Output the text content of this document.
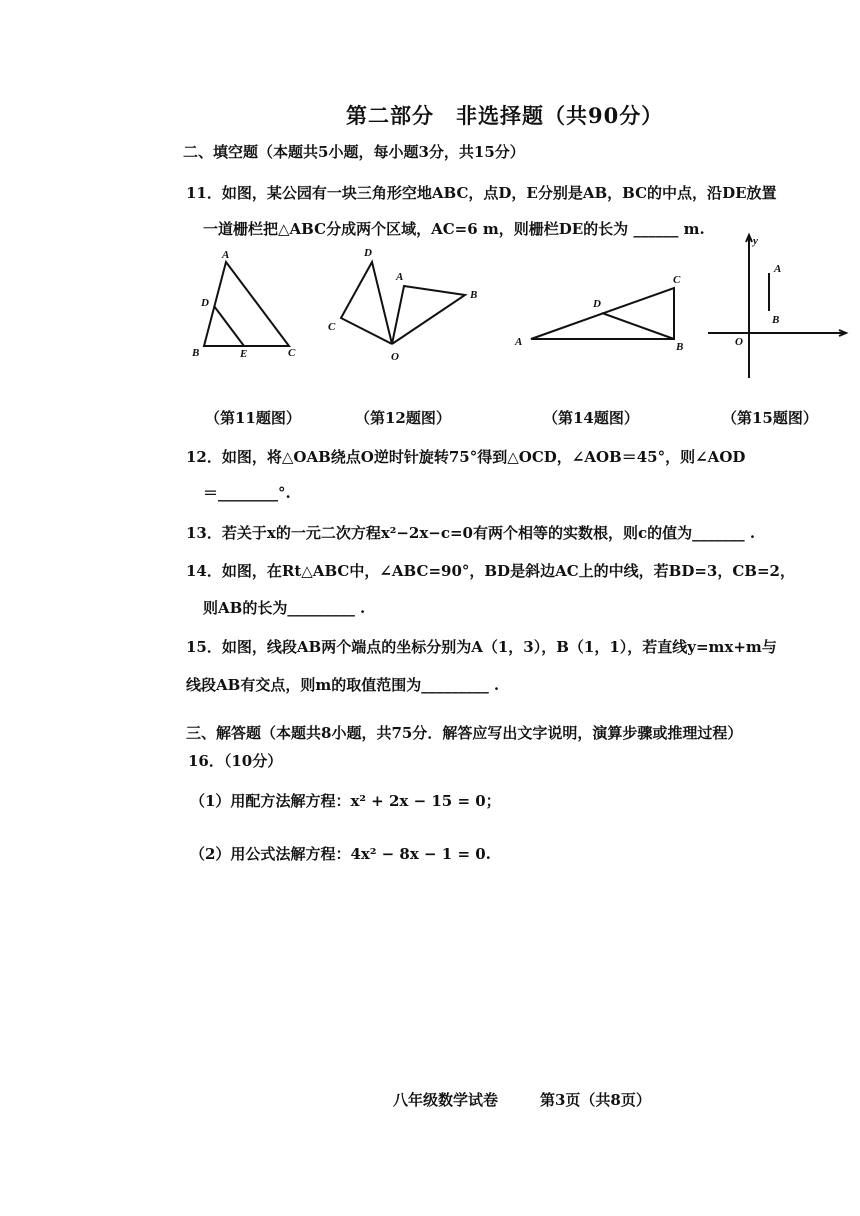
第二部分　非选择题（共90分）
二、填空题（本题共5小题，每小题3分，共15分）
11．如图，某公园有一块三角形空地ABC，点D，E分别是AB，BC的中点，沿DE放置
一道栅栏把△ABC分成两个区域，AC=6 m，则栅栏DE的长为 ______ m.
A
D
B	E	C
D
A
B
C
O
C
D
A	B
y
A
B
O
（第11题图）	（第12题图）	（第14题图）	（第15题图）
12．如图，将△OAB绕点O逆时针旋转75°得到△OCD，∠AOB＝45°，则∠AOD
＝________°.
13．若关于x的一元二次方程x²−2x−c=0有两个相等的实数根，则c的值为_______ .
14．如图，在Rt△ABC中，∠ABC=90°，BD是斜边AC上的中线，若BD=3，CB=2，
则AB的长为_________ .
15．如图，线段AB两个端点的坐标分别为A（1，3），B（1，1），若直线y=mx+m与
线段AB有交点，则m的取值范围为_________ .
三、解答题（本题共8小题，共75分．解答应写出文字说明，演算步骤或推理过程）
16．（10分）
（1）用配方法解方程：x² + 2x − 15 = 0；
（2）用公式法解方程：4x² − 8x − 1 = 0.
八年级数学试卷	第3页（共8页）
